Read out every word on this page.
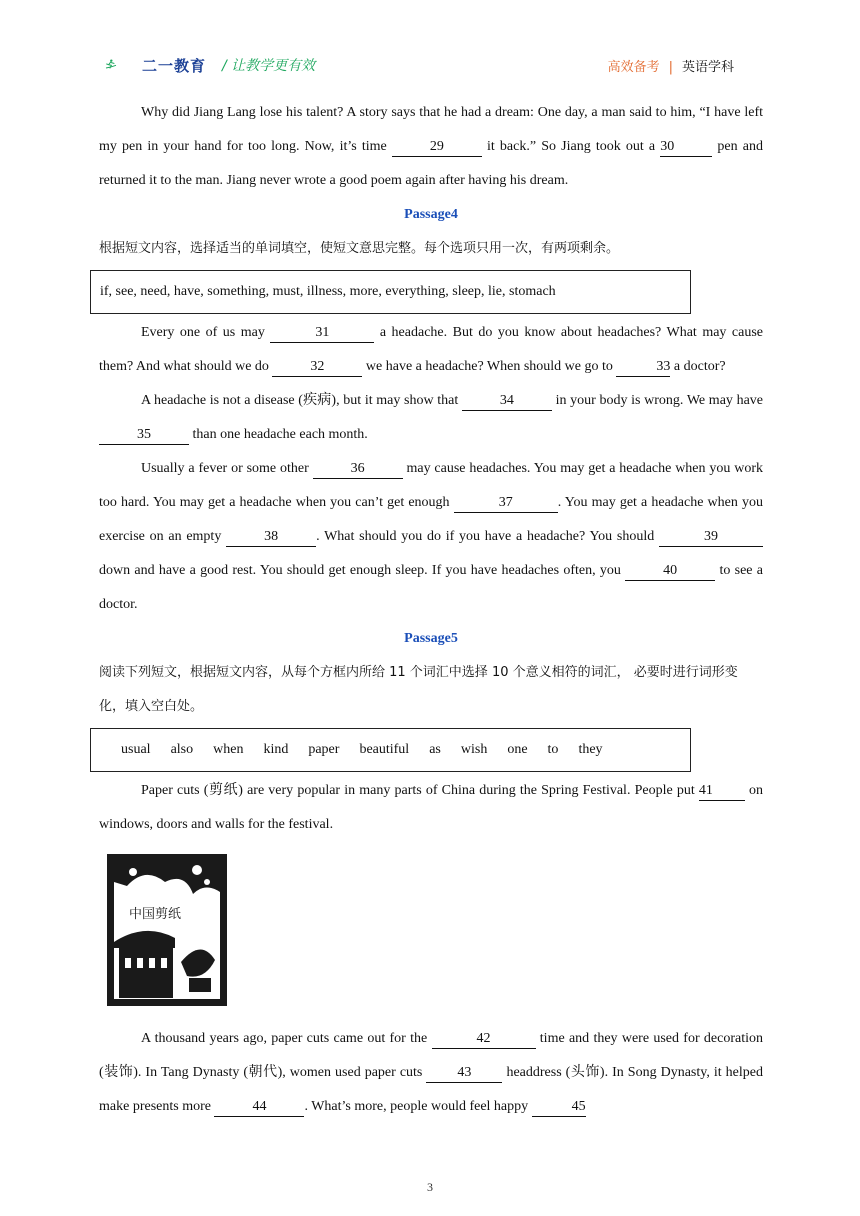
二一教育 / 让教学更有效	高效备考 | 英语学科

Why did Jiang Lang lose his talent? A story says that he had a dream: One day, a man said to him, “I have left my pen in your hand for too long. Now, it’s time	29	it back.” So Jiang took out a 30	pen and returned it to the man. Jiang never wrote a good poem again after having his dream.

Passage4

根据短文内容，选择适当的单词填空，使短文意思完整。每个选项只用一次，有两项剩余。

if, see, need, have, something, must, illness, more, everything, sleep, lie, stomach

Every one of us may	31	a headache. But do you know about headaches? What may cause them? And what should we do	32	we have a headache? When should we go to	33 a doctor?

A headache is not a disease (疾病), but it may show that	34	in your body is wrong. We may have 35	than one headache each month.

Usually a fever or some other	36	may cause headaches. You may get a headache when you work too hard. You may get a headache when you can’t get enough	37	. You may get a headache when you exercise on an empty	38	. What should you do if you have a headache? You should	39 down and have a good rest. You should get enough sleep. If you have headaches often, you	40	to see a doctor.

Passage5

阅读下列短文，根据短文内容，从每个方框内所给 11 个词汇中选择 10 个意义相符的词汇， 必要时进行词形变化，填入空白处。

usual also when kind paper beautiful as wish one to they

Paper cuts (剪纸) are very popular in many parts of China during the Spring Festival. People put 41 on windows, doors and walls for the festival.

中国剪纸

A thousand years ago, paper cuts came out for the	42	time and they were used for decoration (装饰). In Tang Dynasty (朝代), women used paper cuts 43 headdress (头饰). In Song Dynasty, it helped make presents more	44	. What’s more, people would feel happy	45

3
